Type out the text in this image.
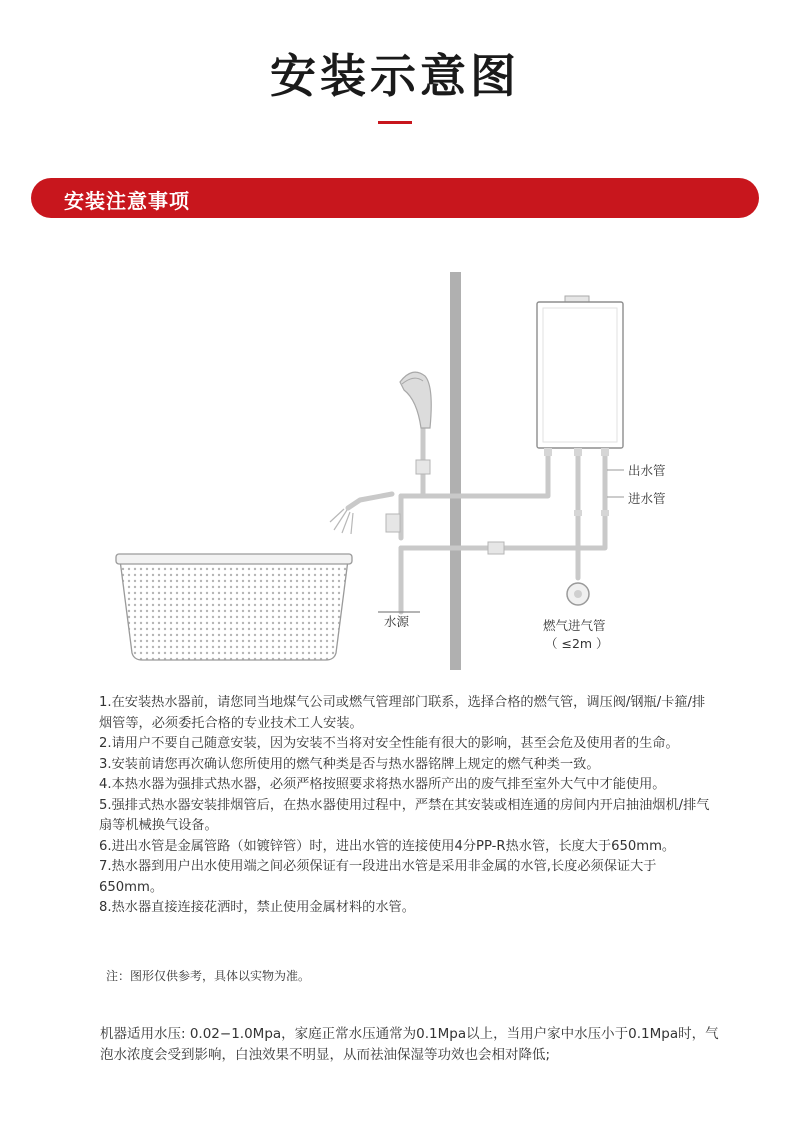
安装示意图
安装注意事项
出水管
进水管
水源	燃气进气管
（ ≤2m ）

1.在安装热水器前，请您同当地煤气公司或燃气管理部门联系，选择合格的燃气管，调压阀/钢瓶/卡箍/排烟管等，必须委托合格的专业技术工人安装。

2.请用户不要自己随意安装，因为安装不当将对安全性能有很大的影响，甚至会危及使用者的生命。

3.安装前请您再次确认您所使用的燃气种类是否与热水器铭牌上规定的燃气种类一致。

4.本热水器为强排式热水器，必须严格按照要求将热水器所产出的废气排至室外大气中才能使用。

5.强排式热水器安装排烟管后，在热水器使用过程中，严禁在其安装或相连通的房间内开启抽油烟机/排气扇等机械换气设备。

6.进出水管是金属管路（如镀锌管）时，进出水管的连接使用4分PP-R热水管，长度大于650mm。

7.热水器到用户出水使用端之间必须保证有一段进出水管是采用非金属的水管,长度必须保证大于650mm。

8.热水器直接连接花洒时，禁止使用金属材料的水管。

注：图形仅供参考，具体以实物为准。
机器适用水压: 0.02−1.0Mpa，家庭正常水压通常为0.1Mpa以上，当用户家中水压小于0.1Mpa时，气泡水浓度会受到影响，白浊效果不明显，从而祛油保湿等功效也会相对降低;
